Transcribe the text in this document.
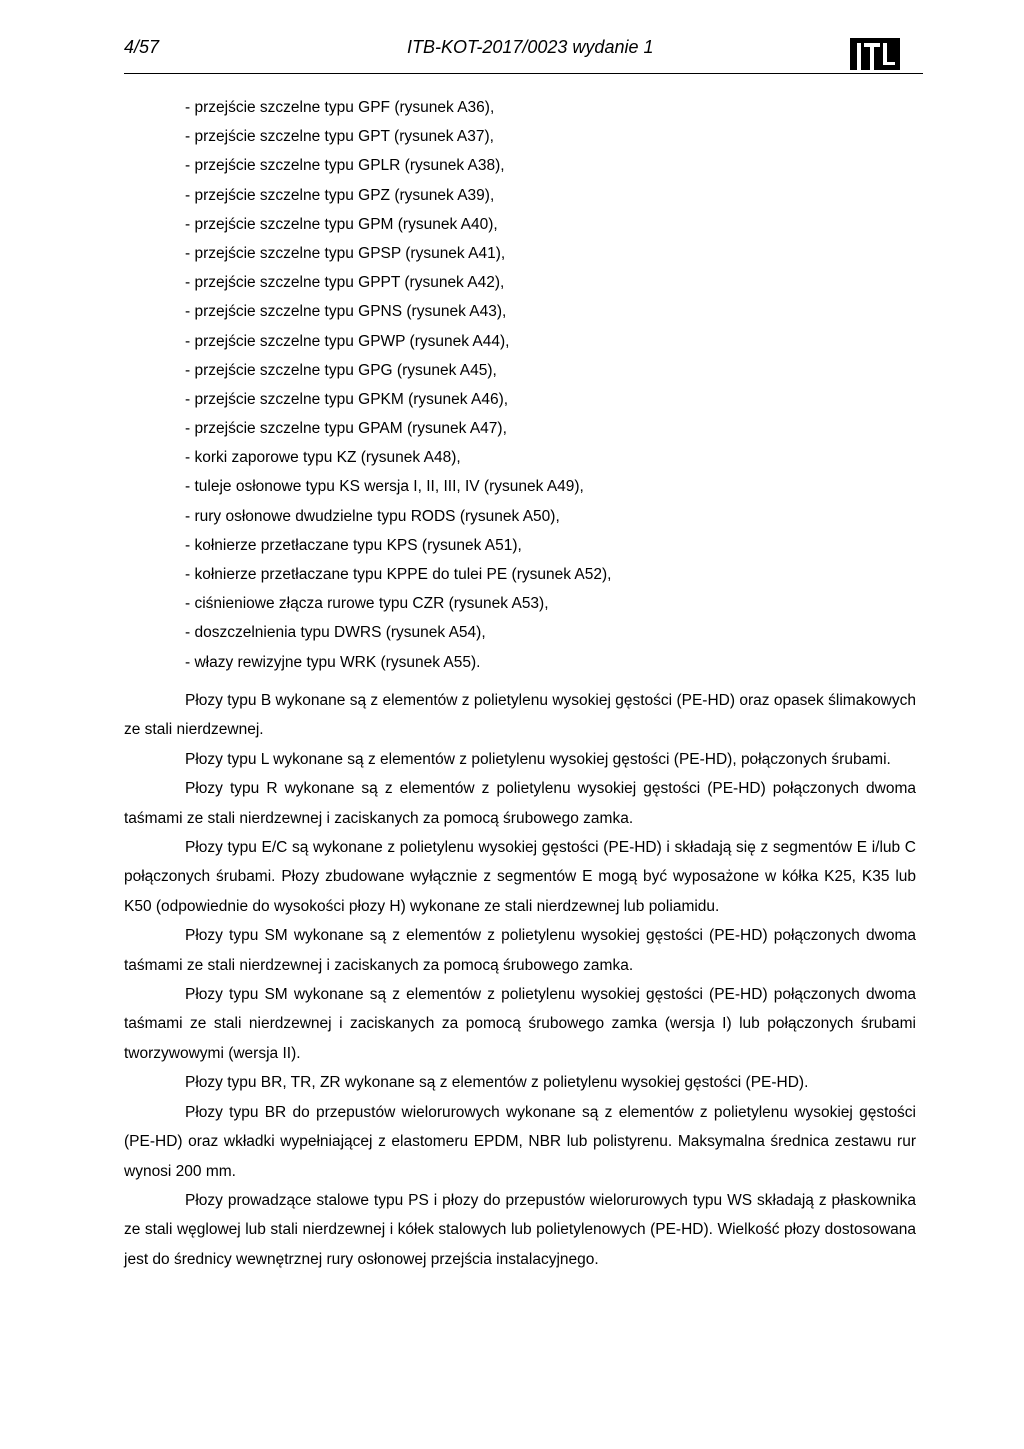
4/57	ITB-KOT-2017/0023 wydanie 1
- przejście szczelne typu GPF (rysunek A36),
- przejście szczelne typu GPT (rysunek A37),
- przejście szczelne typu GPLR (rysunek A38),
- przejście szczelne typu GPZ (rysunek A39),
- przejście szczelne typu GPM (rysunek A40),
- przejście szczelne typu GPSP (rysunek A41),
- przejście szczelne typu GPPT (rysunek A42),
- przejście szczelne typu GPNS (rysunek A43),
- przejście szczelne typu GPWP (rysunek A44),
- przejście szczelne typu GPG (rysunek A45),
- przejście szczelne typu GPKM (rysunek A46),
- przejście szczelne typu GPAM (rysunek A47),
- korki zaporowe typu KZ (rysunek A48),
- tuleje osłonowe typu KS wersja I, II, III, IV (rysunek A49),
- rury osłonowe dwudzielne typu RODS (rysunek A50),
- kołnierze przetłaczane typu KPS (rysunek A51),
- kołnierze przetłaczane typu KPPE do tulei PE (rysunek A52),
- ciśnieniowe złącza rurowe typu CZR (rysunek A53),
- doszczelnienia typu DWRS (rysunek A54),
- włazy rewizyjne typu WRK (rysunek A55).

Płozy typu B wykonane są z elementów z polietylenu wysokiej gęstości (PE-HD) oraz opasek ślimakowych ze stali nierdzewnej.

Płozy typu L wykonane są z elementów z polietylenu wysokiej gęstości (PE-HD), połączonych śrubami.

Płozy typu R wykonane są z elementów z polietylenu wysokiej gęstości (PE-HD) połączonych dwoma taśmami ze stali nierdzewnej i zaciskanych za pomocą śrubowego zamka.

Płozy typu E/C są wykonane z polietylenu wysokiej gęstości (PE-HD) i składają się z segmentów E i/lub C połączonych śrubami. Płozy zbudowane wyłącznie z segmentów E mogą być wyposażone w kółka K25, K35 lub K50 (odpowiednie do wysokości płozy H) wykonane ze stali nierdzewnej lub poliamidu.

Płozy typu SM wykonane są z elementów z polietylenu wysokiej gęstości (PE-HD) połączonych dwoma taśmami ze stali nierdzewnej i zaciskanych za pomocą śrubowego zamka.

Płozy typu SM wykonane są z elementów z polietylenu wysokiej gęstości (PE-HD) połączonych dwoma taśmami ze stali nierdzewnej i zaciskanych za pomocą śrubowego zamka (wersja I) lub połączonych śrubami tworzywowymi (wersja II).

Płozy typu BR, TR, ZR wykonane są z elementów z polietylenu wysokiej gęstości (PE-HD).

Płozy typu BR do przepustów wielorurowych wykonane są z elementów z polietylenu wysokiej gęstości (PE-HD) oraz wkładki wypełniającej z elastomeru EPDM, NBR lub polistyrenu. Maksymalna średnica zestawu rur wynosi 200 mm.

Płozy prowadzące stalowe typu PS i płozy do przepustów wielorurowych typu WS składają z płaskownika ze stali węglowej lub stali nierdzewnej i kółek stalowych lub polietylenowych (PE-HD). Wielkość płozy dostosowana jest do średnicy wewnętrznej rury osłonowej przejścia instalacyjnego.
